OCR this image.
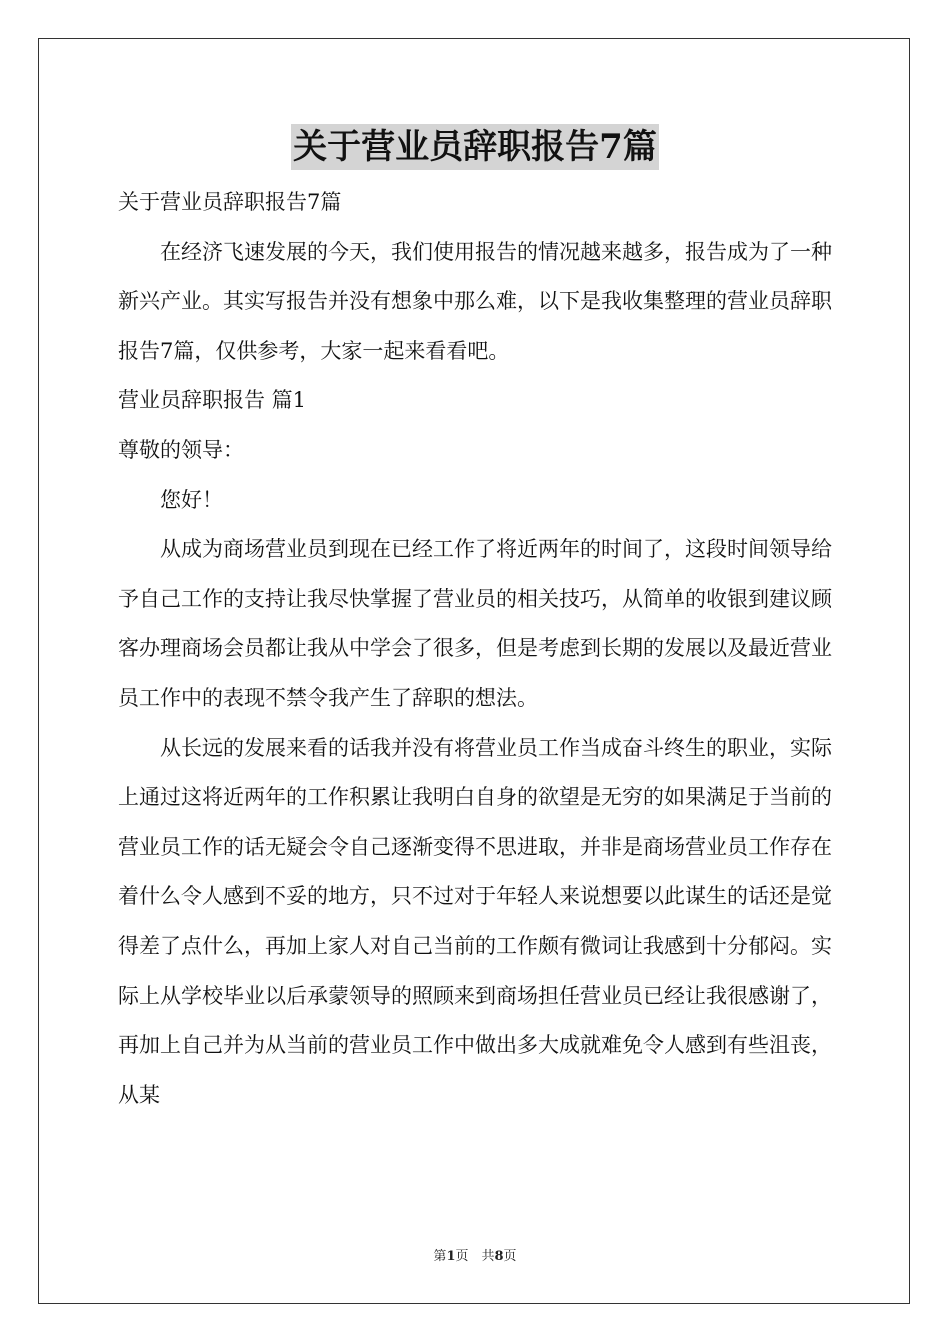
关于营业员辞职报告7篇

关于营业员辞职报告7篇

在经济飞速发展的今天，我们使用报告的情况越来越多，报告成为了一种新兴产业。其实写报告并没有想象中那么难，以下是我收集整理的营业员辞职报告7篇，仅供参考，大家一起来看看吧。

营业员辞职报告 篇1

尊敬的领导：

您好！

从成为商场营业员到现在已经工作了将近两年的时间了，这段时间领导给予自己工作的支持让我尽快掌握了营业员的相关技巧，从简单的收银到建议顾客办理商场会员都让我从中学会了很多，但是考虑到长期的发展以及最近营业员工作中的表现不禁令我产生了辞职的想法。

从长远的发展来看的话我并没有将营业员工作当成奋斗终生的职业，实际上通过这将近两年的工作积累让我明白自身的欲望是无穷的如果满足于当前的营业员工作的话无疑会令自己逐渐变得不思进取，并非是商场营业员工作存在着什么令人感到不妥的地方，只不过对于年轻人来说想要以此谋生的话还是觉得差了点什么，再加上家人对自己当前的工作颇有微词让我感到十分郁闷。实际上从学校毕业以后承蒙领导的照顾来到商场担任营业员已经让我很感谢了，再加上自己并为从当前的营业员工作中做出多大成就难免令人感到有些沮丧，从某

第1页　共8页
